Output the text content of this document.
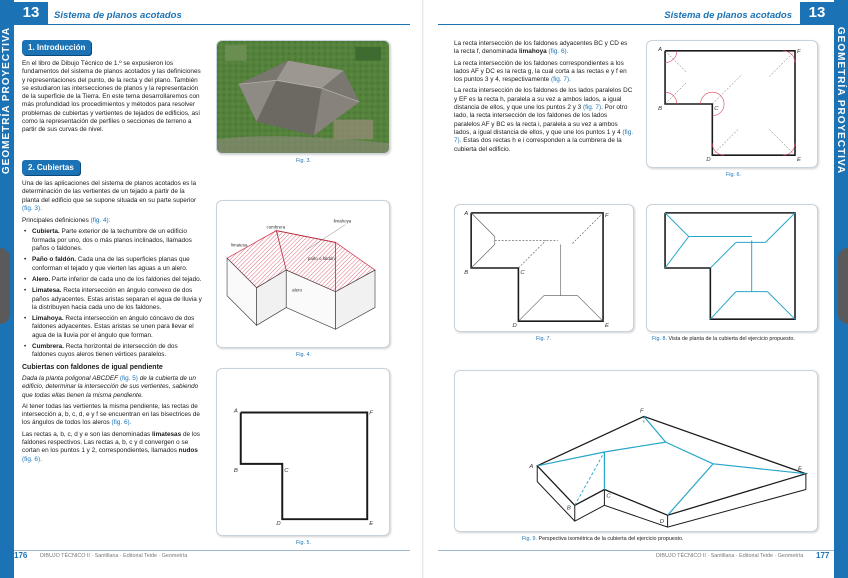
GEOMETRÍA PROYECTIVA
13	Sistema de planos acotados
1. Introducción

En el libro de Dibujo Técnico de 1.º se expusieron los fundamentos del sistema de planos acotados y las definiciones y representaciones del punto, de la recta y del plano. También se estudiaron las intersecciones de planos y la representación de la superficie de la Tierra. En este tema desarrollaremos con más profundidad los procedimientos y métodos para resolver problemas de cubiertas y vertientes de tejados de edificios, así como la representación de perfiles o secciones de terreno a partir de sus curvas de nivel.

Fig. 3.
2. Cubiertas

Una de las aplicaciones del sistema de planos acotados es la determinación de las vertientes de un tejado a partir de la planta del edificio que se supone situada en su parte superior (fig. 3).

Principales definiciones (fig. 4):

• Cubierta. Parte exterior de la techumbre de un edificio formada por uno, dos o más planos inclinados, llamados paños o faldones.
• Paño o faldón. Cada una de las superficies planas que conforman el tejado y que vierten las aguas a un alero.
• Alero. Parte inferior de cada uno de los faldones del tejado.
• Limatesa. Recta intersección en ángulo convexo de dos paños adyacentes. Estas aristas separan el agua de lluvia y la distribuyen hacia cada uno de los faldones.
• Limahoya. Recta intersección en ángulo cóncavo de dos faldones adyacentes. Estas aristas se unen para llevar el agua de la lluvia por el ángulo que forman.
• Cumbrera. Recta horizontal de intersección de dos faldones cuyos aleros tienen vértices paralelos.
Cubiertas con faldones de igual pendiente

Dada la planta poligonal ABCDEF (fig. 5) de la cubierta de un edificio, determinar la intersección de sus vertientes, sabiendo que todas ellas tienen la misma pendiente.

Al tener todas las vertientes la misma pendiente, las rectas de intersección a, b, c, d, e y f se encuentran en las bisectrices de los ángulos de todos los aleros (fig. 6).

Las rectas a, b, c, d y e son las denominadas limatesas de los faldones respectivos. Las rectas a, b, c y d convergen o se cortan en los puntos 1 y 2, correspondientes, llamados nudos (fig. 6).

cumbrera
limahoya
limatesa
paño o faldón
alero
Fig. 4.
A	F
B	C
D	E
Fig. 5.
176 DIBUJO TÉCNICO II · Santillana · Editorial Teide · Geometría
GEOMETRÍA PROYECTIVA
13
Sistema de planos acotados

La recta intersección de los faldones adyacentes BC y CD es la recta f, denominada limahoya (fig. 6).

La recta intersección de los faldones correspondientes a los lados AF y DC es la recta g, la cual corta a las rectas e y f en los puntos 3 y 4, respectivamente (fig. 7).

La recta intersección de los faldones de los lados paralelos DC y EF es la recta h, paralela a su vez a ambos lados, a igual distancia de ellos, y que une los puntos 2 y 3 (fig. 7). Por otro lado, la recta intersección de los faldones de los lados paralelos AF y BC es la recta i, paralela a su vez a ambos lados, a igual distancia de ellos, y que une los puntos 1 y 4 (fig. 7). Estas dos rectas h e i corresponden a la cumbrera de la cubierta del edificio.

A	F
B	C
D	E
Fig. 6.
A	F
B	C
D	E
Fig. 7.	Fig. 8. Vista de planta de la cubierta del ejercicio propuesto.
A
F
B
C
D
E
Fig. 9. Perspectiva isométrica de la cubierta del ejercicio propuesto.
DIBUJO TÉCNICO II · Santillana · Editorial Teide · Geometría 177
